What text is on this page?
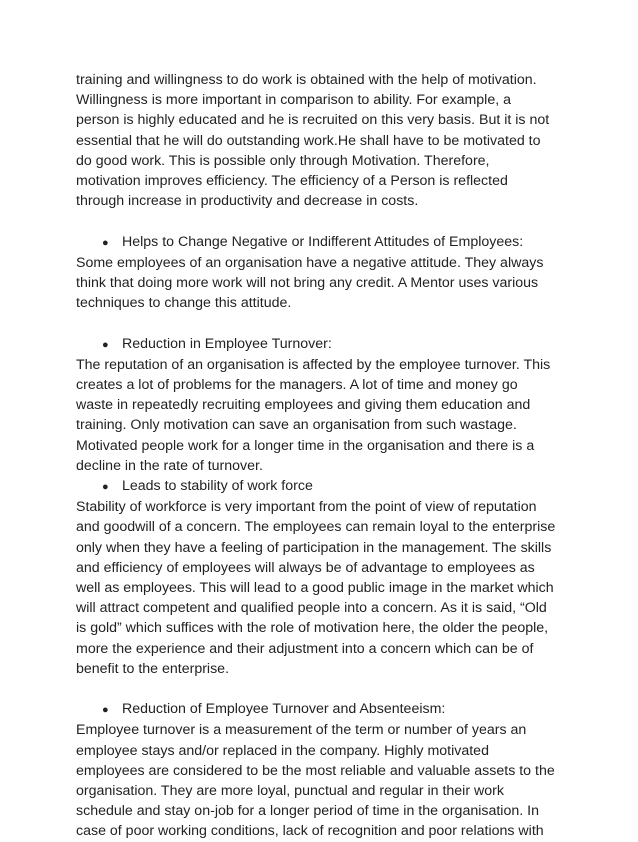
training and willingness to do work is obtained with the help of motivation.
Willingness is more important in comparison to ability. For example, a
person is highly educated and he is recruited on this very basis. But it is not
essential that he will do outstanding work.He shall have to be motivated to
do good work. This is possible only through Motivation. Therefore,
motivation improves efficiency. The efficiency of a Person is reflected
through increase in productivity and decrease in costs.
● Helps to Change Negative or Indifferent Attitudes of Employees:
Some employees of an organisation have a negative attitude. They always
think that doing more work will not bring any credit. A Mentor uses various
techniques to change this attitude.
● Reduction in Employee Turnover:
The reputation of an organisation is affected by the employee turnover. This
creates a lot of problems for the managers. A lot of time and money go
waste in repeatedly recruiting employees and giving them education and
training. Only motivation can save an organisation from such wastage.
Motivated people work for a longer time in the organisation and there is a
decline in the rate of turnover.
● Leads to stability of work force
Stability of workforce is very important from the point of view of reputation
and goodwill of a concern. The employees can remain loyal to the enterprise
only when they have a feeling of participation in the management. The skills
and efficiency of employees will always be of advantage to employees as
well as employees. This will lead to a good public image in the market which
will attract competent and qualified people into a concern. As it is said, “Old
is gold” which suffices with the role of motivation here, the older the people,
more the experience and their adjustment into a concern which can be of
benefit to the enterprise.
● Reduction of Employee Turnover and Absenteeism:
Employee turnover is a measurement of the term or number of years an
employee stays and/or replaced in the company. Highly motivated
employees are considered to be the most reliable and valuable assets to the
organisation. They are more loyal, punctual and regular in their work
schedule and stay on-job for a longer period of time in the organisation. In
case of poor working conditions, lack of recognition and poor relations with
